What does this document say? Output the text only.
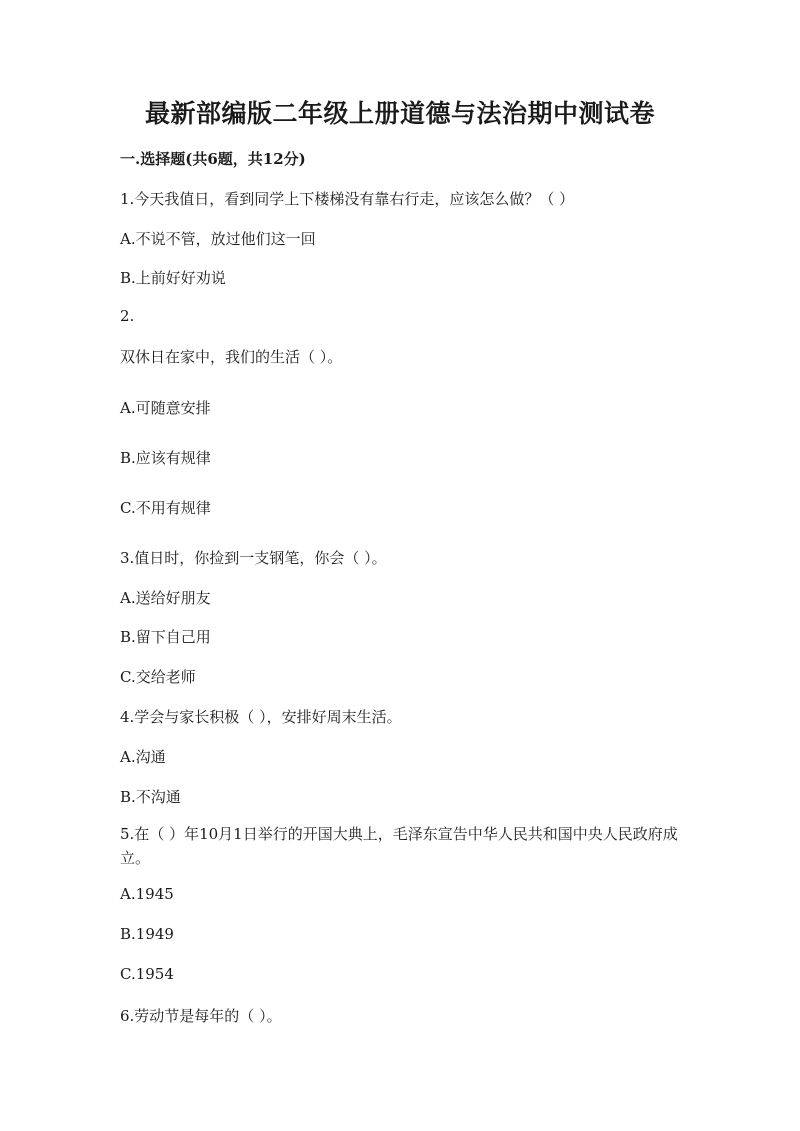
最新部编版二年级上册道德与法治期中测试卷
一.选择题(共6题，共12分)
1.今天我值日，看到同学上下楼梯没有靠右行走，应该怎么做？（ ）
A.不说不管，放过他们这一回
B.上前好好劝说
2.
双休日在家中，我们的生活（ ）。
A.可随意安排
B.应该有规律
C.不用有规律
3.值日时，你捡到一支钢笔，你会（ ）。
A.送给好朋友
B.留下自己用
C.交给老师
4.学会与家长积极（ ），安排好周末生活。
A.沟通
B.不沟通
5.在（ ）年10月1日举行的开国大典上，毛泽东宣告中华人民共和国中央人民政府成立。
A.1945
B.1949
C.1954
6.劳动节是每年的（ ）。
